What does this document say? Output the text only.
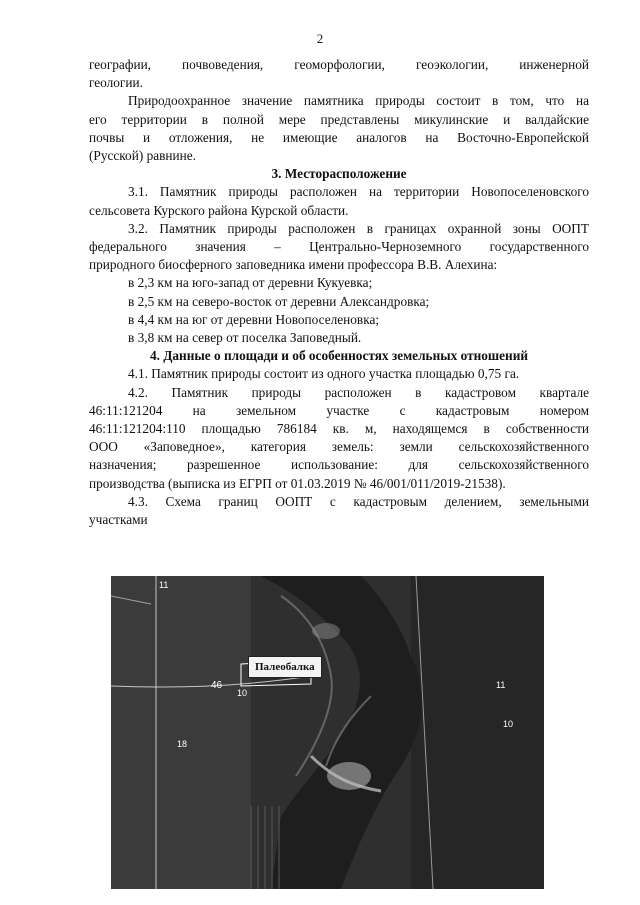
2

географии, почвоведения, геоморфологии, геоэкологии, инженерной

геологии.

Природоохранное значение памятника природы состоит в том, что на

его территории в полной мере представлены микулинские и валдайские

почвы и отложения, не имеющие аналогов на Восточно-Европейской

(Русской) равнине.

3. Месторасположение

3.1. Памятник природы расположен на территории Новопоселеновского

сельсовета Курского района Курской области.

3.2. Памятник природы расположен в границах охранной зоны ООПТ

федерального значения – Центрально-Черноземного государственного

природного биосферного заповедника имени профессора В.В. Алехина:

в 2,3 км на юго-запад от деревни Кукуевка;

в 2,5 км на северо-восток от деревни Александровка;

в 4,4 км на юг от деревни Новопоселеновка;

в 3,8 км на север от поселка Заповедный.

4. Данные о площади и об особенностях земельных отношений

4.1. Памятник природы состоит из одного участка площадью 0,75 га.

4.2. Памятник природы расположен в кадастровом квартале

46:11:121204 на земельном участке с кадастровым номером

46:11:121204:110 площадью 786184 кв. м, находящемся в собственности

ООО «Заповедное», категория земель: земли сельскохозяйственного

назначения; разрешенное использование: для сельскохозяйственного

производства (выписка из ЕГРП от 01.03.2019 № 46/001/011/2019-21538).

4.3. Схема границ ООПТ с кадастровым делением, земельными

участками

Палеобалка
46	11
10
18
11
10
